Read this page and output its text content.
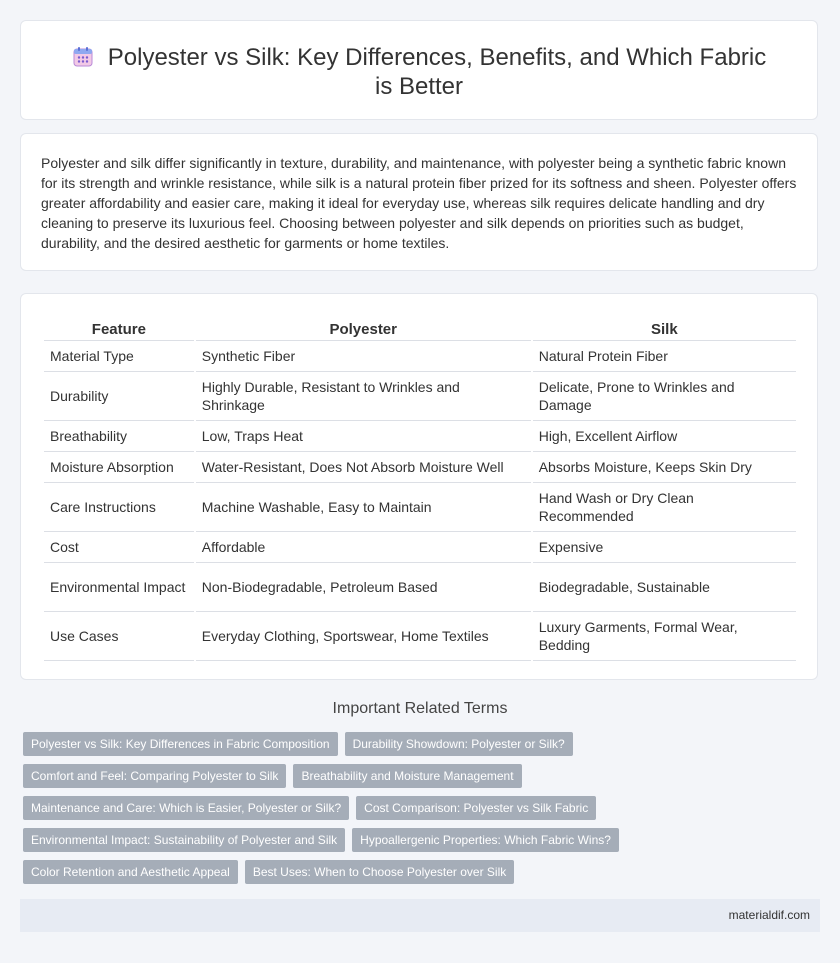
Polyester vs Silk: Key Differences, Benefits, and Which Fabric is Better

Polyester and silk differ significantly in texture, durability, and maintenance, with polyester being a synthetic fabric known for its strength and wrinkle resistance, while silk is a natural protein fiber prized for its softness and sheen. Polyester offers greater affordability and easier care, making it ideal for everyday use, whereas silk requires delicate handling and dry cleaning to preserve its luxurious feel. Choosing between polyester and silk depends on priorities such as budget, durability, and the desired aesthetic for garments or home textiles.

Feature	Polyester	Silk
Material Type	Synthetic Fiber	Natural Protein Fiber
Durability	Highly Durable, Resistant to Wrinkles and Shrinkage	Delicate, Prone to Wrinkles and Damage
Breathability	Low, Traps Heat	High, Excellent Airflow
Moisture Absorption	Water-Resistant, Does Not Absorb Moisture Well	Absorbs Moisture, Keeps Skin Dry
Care Instructions	Machine Washable, Easy to Maintain	Hand Wash or Dry Clean Recommended
Cost	Affordable	Expensive
Environmental Impact	Non-Biodegradable, Petroleum Based	Biodegradable, Sustainable
Use Cases	Everyday Clothing, Sportswear, Home Textiles	Luxury Garments, Formal Wear, Bedding
Important Related Terms
Polyester vs Silk: Key Differences in Fabric Composition	Durability Showdown: Polyester or Silk?
Comfort and Feel: Comparing Polyester to Silk	Breathability and Moisture Management
Maintenance and Care: Which is Easier, Polyester or Silk?	Cost Comparison: Polyester vs Silk Fabric
Environmental Impact: Sustainability of Polyester and Silk	Hypoallergenic Properties: Which Fabric Wins?
Color Retention and Aesthetic Appeal	Best Uses: When to Choose Polyester over Silk
materialdif.com
